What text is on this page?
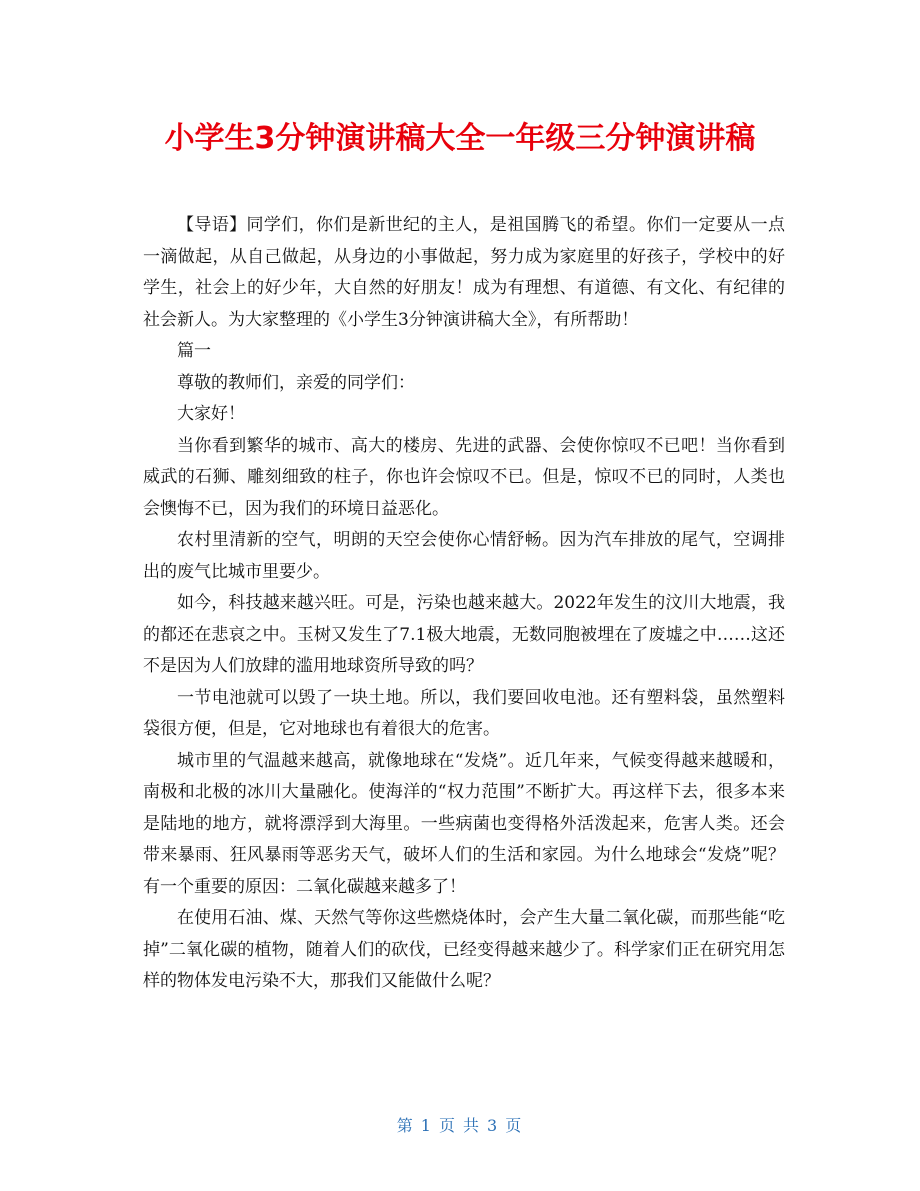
小学生3分钟演讲稿大全一年级三分钟演讲稿

【导语】同学们，你们是新世纪的主人，是祖国腾飞的希望。你们一定要从一点一滴做起，从自己做起，从身边的小事做起，努力成为家庭里的好孩子，学校中的好学生，社会上的好少年，大自然的好朋友！成为有理想、有道德、有文化、有纪律的社会新人。为大家整理的《小学生3分钟演讲稿大全》，有所帮助！

篇一

尊敬的教师们，亲爱的同学们：

大家好！

当你看到繁华的城市、高大的楼房、先进的武器、会使你惊叹不已吧！当你看到威武的石狮、雕刻细致的柱子，你也许会惊叹不已。但是，惊叹不已的同时，人类也会懊悔不已，因为我们的环境日益恶化。

农村里清新的空气，明朗的天空会使你心情舒畅。因为汽车排放的尾气，空调排出的废气比城市里要少。

如今，科技越来越兴旺。可是，污染也越来越大。2022年发生的汶川大地震，我的都还在悲哀之中。玉树又发生了7.1极大地震，无数同胞被埋在了废墟之中……这还不是因为人们放肆的滥用地球资所导致的吗？

一节电池就可以毁了一块土地。所以，我们要回收电池。还有塑料袋，虽然塑料袋很方便，但是，它对地球也有着很大的危害。

城市里的气温越来越高，就像地球在“发烧”。近几年来，气候变得越来越暖和，南极和北极的冰川大量融化。使海洋的“权力范围”不断扩大。再这样下去，很多本来是陆地的地方，就将漂浮到大海里。一些病菌也变得格外活泼起来，危害人类。还会带来暴雨、狂风暴雨等恶劣天气，破坏人们的生活和家园。为什么地球会“发烧”呢？有一个重要的原因：二氧化碳越来越多了！

在使用石油、煤、天然气等你这些燃烧体时，会产生大量二氧化碳，而那些能“吃掉”二氧化碳的植物，随着人们的砍伐，已经变得越来越少了。科学家们正在研究用怎样的物体发电污染不大，那我们又能做什么呢？

第 1 页 共 3 页
